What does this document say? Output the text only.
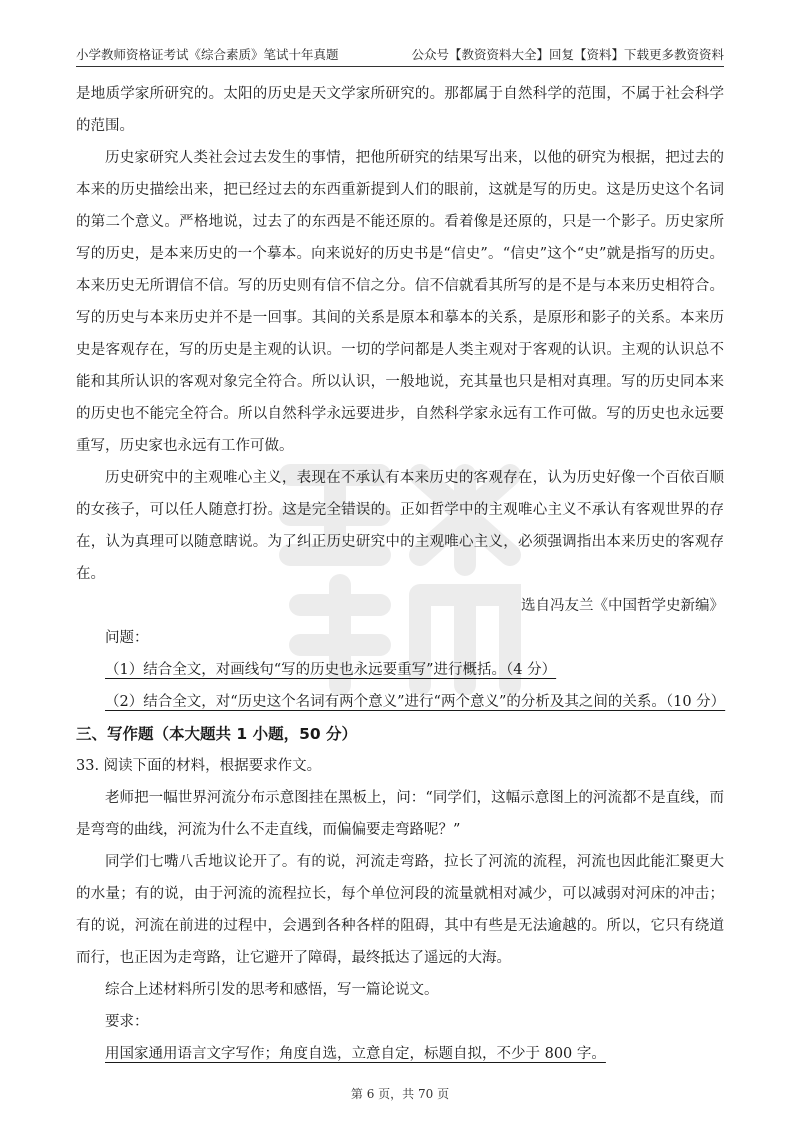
小学教师资格证考试《综合素质》笔试十年真题	公众号【教资资料大全】回复【资料】下载更多教资资料

是地质学家所研究的。太阳的历史是天文学家所研究的。那都属于自然科学的范围，不属于社会科学的范围。

历史家研究人类社会过去发生的事情，把他所研究的结果写出来，以他的研究为根据，把过去的本来的历史描绘出来，把已经过去的东西重新提到人们的眼前，这就是写的历史。这是历史这个名词的第二个意义。严格地说，过去了的东西是不能还原的。看着像是还原的，只是一个影子。历史家所写的历史，是本来历史的一个摹本。向来说好的历史书是“信史”。“信史”这个“史”就是指写的历史。本来历史无所谓信不信。写的历史则有信不信之分。信不信就看其所写的是不是与本来历史相符合。写的历史与本来历史并不是一回事。其间的关系是原本和摹本的关系，是原形和影子的关系。本来历史是客观存在，写的历史是主观的认识。一切的学问都是人类主观对于客观的认识。主观的认识总不能和其所认识的客观对象完全符合。所以认识，一般地说，充其量也只是相对真理。写的历史同本来的历史也不能完全符合。所以自然科学永远要进步，自然科学家永远有工作可做。写的历史也永远要重写，历史家也永远有工作可做。

历史研究中的主观唯心主义，表现在不承认有本来历史的客观存在，认为历史好像一个百依百顺的女孩子，可以任人随意打扮。这是完全错误的。正如哲学中的主观唯心主义不承认有客观世界的存在，认为真理可以随意瞎说。为了纠正历史研究中的主观唯心主义，必须强调指出本来历史的客观存在。

选自冯友兰《中国哲学史新编》

问题：

（1）结合全文，对画线句“写的历史也永远要重写”进行概括。（4 分）

（2）结合全文，对“历史这个名词有两个意义”进行“两个意义”的分析及其之间的关系。（10 分）

三、写作题（本大题共 1 小题，50 分）

33. 阅读下面的材料，根据要求作文。

老师把一幅世界河流分布示意图挂在黑板上，问：“同学们，这幅示意图上的河流都不是直线，而是弯弯的曲线，河流为什么不走直线，而偏偏要走弯路呢？”

同学们七嘴八舌地议论开了。有的说，河流走弯路，拉长了河流的流程，河流也因此能汇聚更大的水量；有的说，由于河流的流程拉长，每个单位河段的流量就相对减少，可以减弱对河床的冲击；有的说，河流在前进的过程中，会遇到各种各样的阻碍，其中有些是无法逾越的。所以，它只有绕道而行，也正因为走弯路，让它避开了障碍，最终抵达了遥远的大海。

综合上述材料所引发的思考和感悟，写一篇论说文。

要求：

用国家通用语言文字写作；角度自选，立意自定，标题自拟，不少于 800 字。

第 6 页，共 70 页
